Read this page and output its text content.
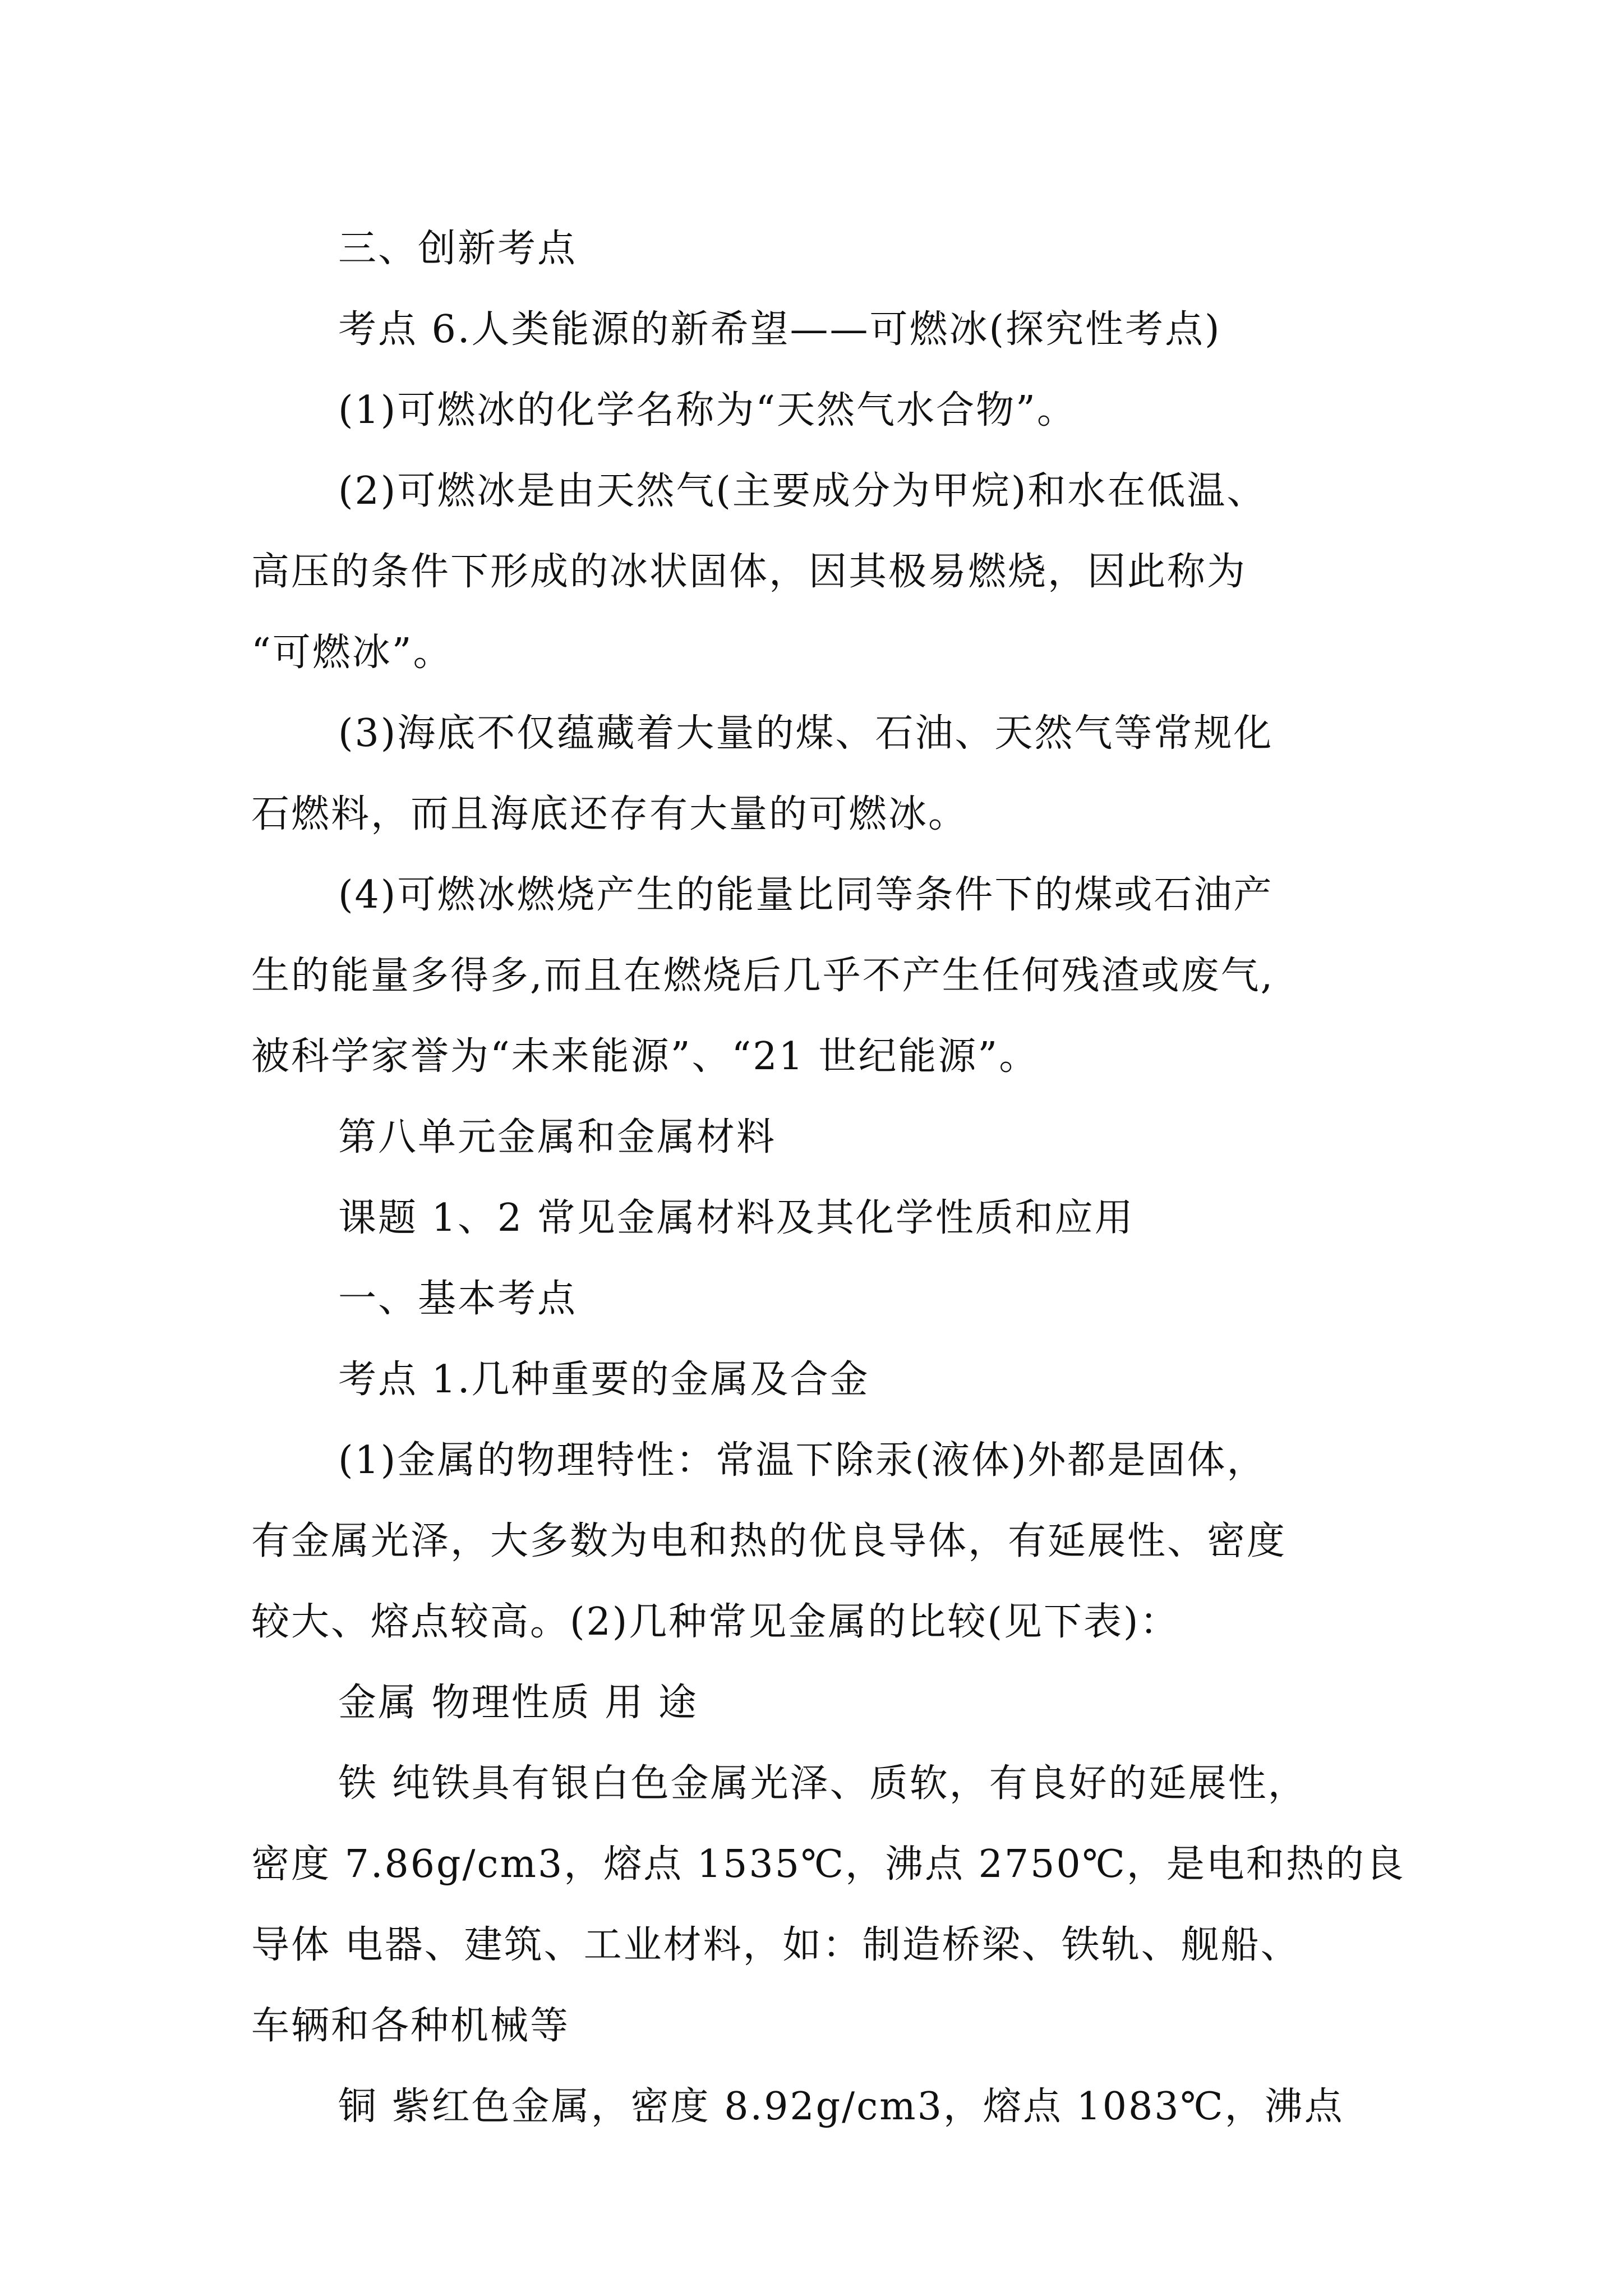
三、创新考点
考点 6.人类能源的新希望——可燃冰(探究性考点)
(1)可燃冰的化学名称为“天然气水合物”。
(2)可燃冰是由天然气(主要成分为甲烷)和水在低温、
高压的条件下形成的冰状固体，因其极易燃烧，因此称为
“可燃冰”。
(3)海底不仅蕴藏着大量的煤、石油、天然气等常规化
石燃料，而且海底还存有大量的可燃冰。
(4)可燃冰燃烧产生的能量比同等条件下的煤或石油产
生的能量多得多,而且在燃烧后几乎不产生任何残渣或废气,
被科学家誉为“未来能源”、“21 世纪能源”。
第八单元金属和金属材料
课题 1、2 常见金属材料及其化学性质和应用
一、基本考点
考点 1.几种重要的金属及合金
(1)金属的物理特性：常温下除汞(液体)外都是固体，
有金属光泽，大多数为电和热的优良导体，有延展性、密度
较大、熔点较高。(2)几种常见金属的比较(见下表)：
金属 物理性质 用 途
铁 纯铁具有银白色金属光泽、质软，有良好的延展性，
密度 7.86g/cm3，熔点 1535℃，沸点 2750℃，是电和热的良
导体 电器、建筑、工业材料，如：制造桥梁、铁轨、舰船、
车辆和各种机械等
铜 紫红色金属，密度 8.92g/cm3，熔点 1083℃，沸点
